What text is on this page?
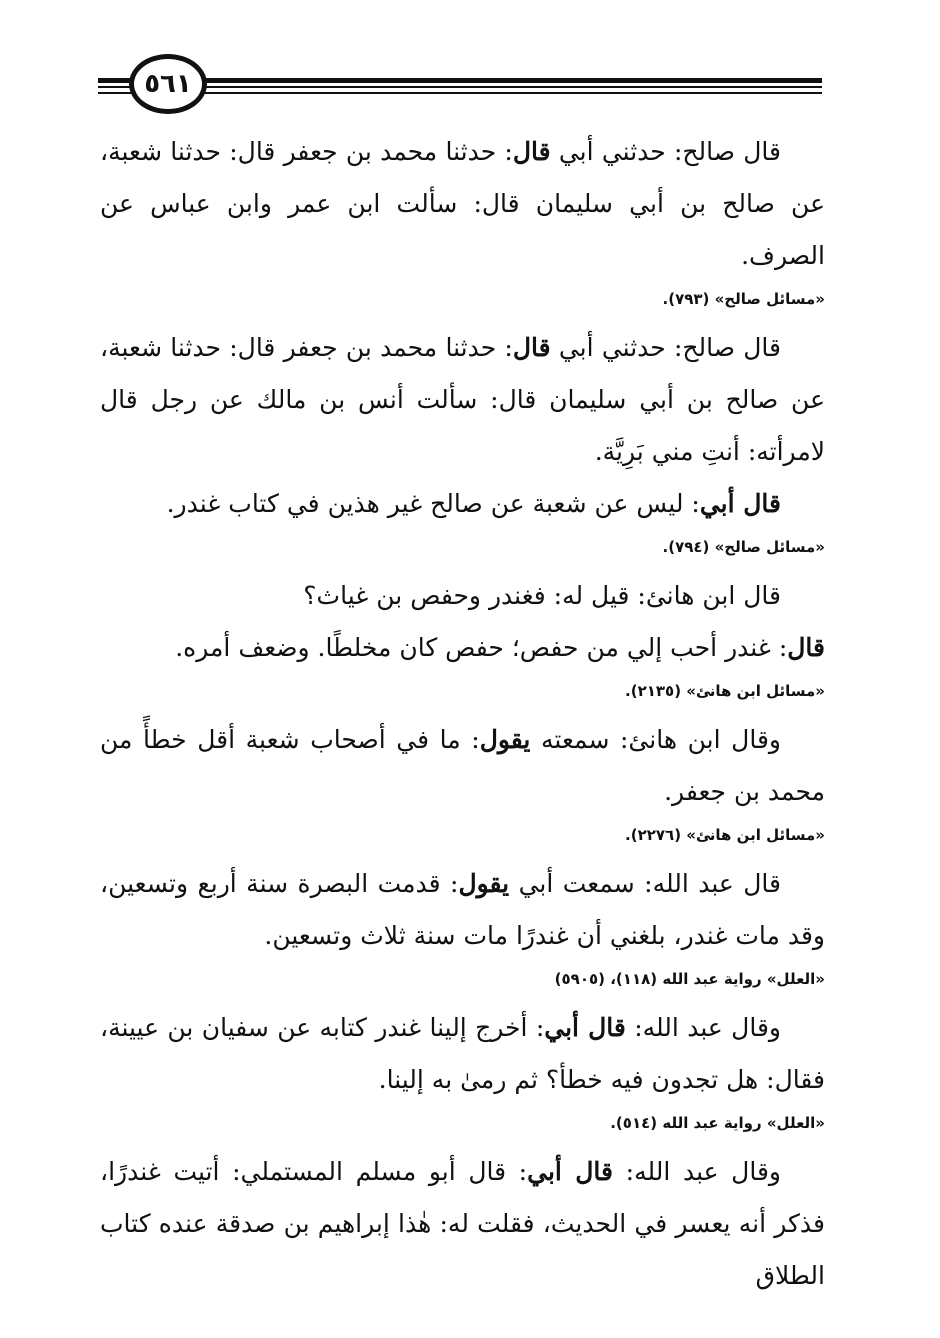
٥٦١

قال صالح: حدثني أبي قال: حدثنا محمد بن جعفر قال: حدثنا شعبة، عن صالح بن أبي سليمان قال: سألت ابن عمر وابن عباس عن الصرف.

«مسائل صالح» (٧٩٣).

قال صالح: حدثني أبي قال: حدثنا محمد بن جعفر قال: حدثنا شعبة، عن صالح بن أبي سليمان قال: سألت أنس بن مالك عن رجل قال لامرأته: أنتِ مني بَرِيَّة.

قال أبي: ليس عن شعبة عن صالح غير هذين في كتاب غندر.

«مسائل صالح» (٧٩٤).

قال ابن هانئ: قيل له: فغندر وحفص بن غياث؟

قال: غندر أحب إلي من حفص؛ حفص كان مخلطًا. وضعف أمره.

«مسائل ابن هانئ» (٢١٣٥).

وقال ابن هانئ: سمعته يقول: ما في أصحاب شعبة أقل خطأً من محمد بن جعفر.

«مسائل ابن هانئ» (٢٢٧٦).

قال عبد الله: سمعت أبي يقول: قدمت البصرة سنة أربع وتسعين، وقد مات غندر، بلغني أن غندرًا مات سنة ثلاث وتسعين.

«العلل» رواية عبد الله (١١٨)، (٥٩٠٥)

وقال عبد الله: قال أبي: أخرج إلينا غندر كتابه عن سفيان بن عيينة، فقال: هل تجدون فيه خطأ؟ ثم رمىٰ به إلينا.

«العلل» رواية عبد الله (٥١٤).

وقال عبد الله: قال أبي: قال أبو مسلم المستملي: أتيت غندرًا، فذكر أنه يعسر في الحديث، فقلت له: هٰذا إبراهيم بن صدقة عنده كتاب الطلاق
